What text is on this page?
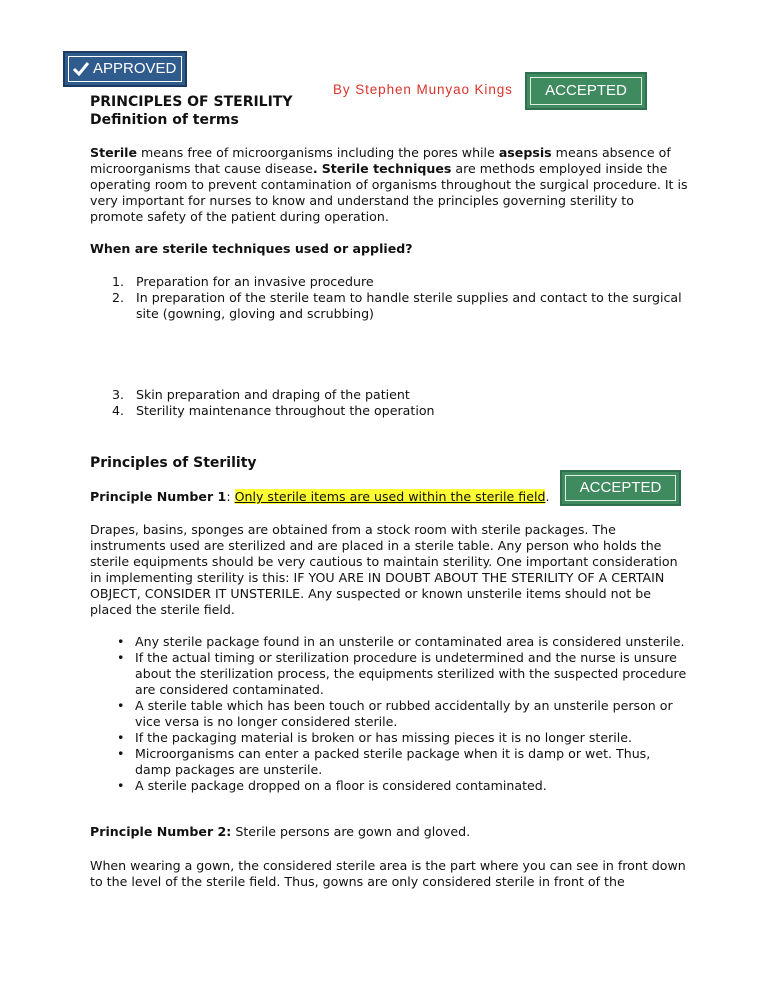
APPROVED
By Stephen Munyao Kings ACCEPTED
PRINCIPLES OF STERILITY
Definition of terms

Sterile means free of microorganisms including the pores while asepsis means absence of microorganisms that cause disease. Sterile techniques are methods employed inside the operating room to prevent contamination of organisms throughout the surgical procedure. It is very important for nurses to know and understand the principles governing sterility to promote safety of the patient during operation.

When are sterile techniques used or applied?

1. Preparation for an invasive procedure
2. In preparation of the sterile team to handle sterile supplies and contact to the surgical site (gowning, gloving and scrubbing)
3. Skin preparation and draping of the patient
4. Sterility maintenance throughout the operation
Principles of Sterility
ACCEPTED

Principle Number 1: Only sterile items are used within the sterile field.

Drapes, basins, sponges are obtained from a stock room with sterile packages. The instruments used are sterilized and are placed in a sterile table. Any person who holds the sterile equipments should be very cautious to maintain sterility. One important consideration in implementing sterility is this: IF YOU ARE IN DOUBT ABOUT THE STERILITY OF A CERTAIN OBJECT, CONSIDER IT UNSTERILE. Any suspected or known unsterile items should not be placed the sterile field.

• Any sterile package found in an unsterile or contaminated area is considered unsterile.
• If the actual timing or sterilization procedure is undetermined and the nurse is unsure about the sterilization process, the equipments sterilized with the suspected procedure are considered contaminated.
• A sterile table which has been touch or rubbed accidentally by an unsterile person or vice versa is no longer considered sterile.
• If the packaging material is broken or has missing pieces it is no longer sterile.
• Microorganisms can enter a packed sterile package when it is damp or wet. Thus, damp packages are unsterile.
• A sterile package dropped on a floor is considered contaminated.

Principle Number 2: Sterile persons are gown and gloved.

When wearing a gown, the considered sterile area is the part where you can see in front down to the level of the sterile field. Thus, gowns are only considered sterile in front of the
